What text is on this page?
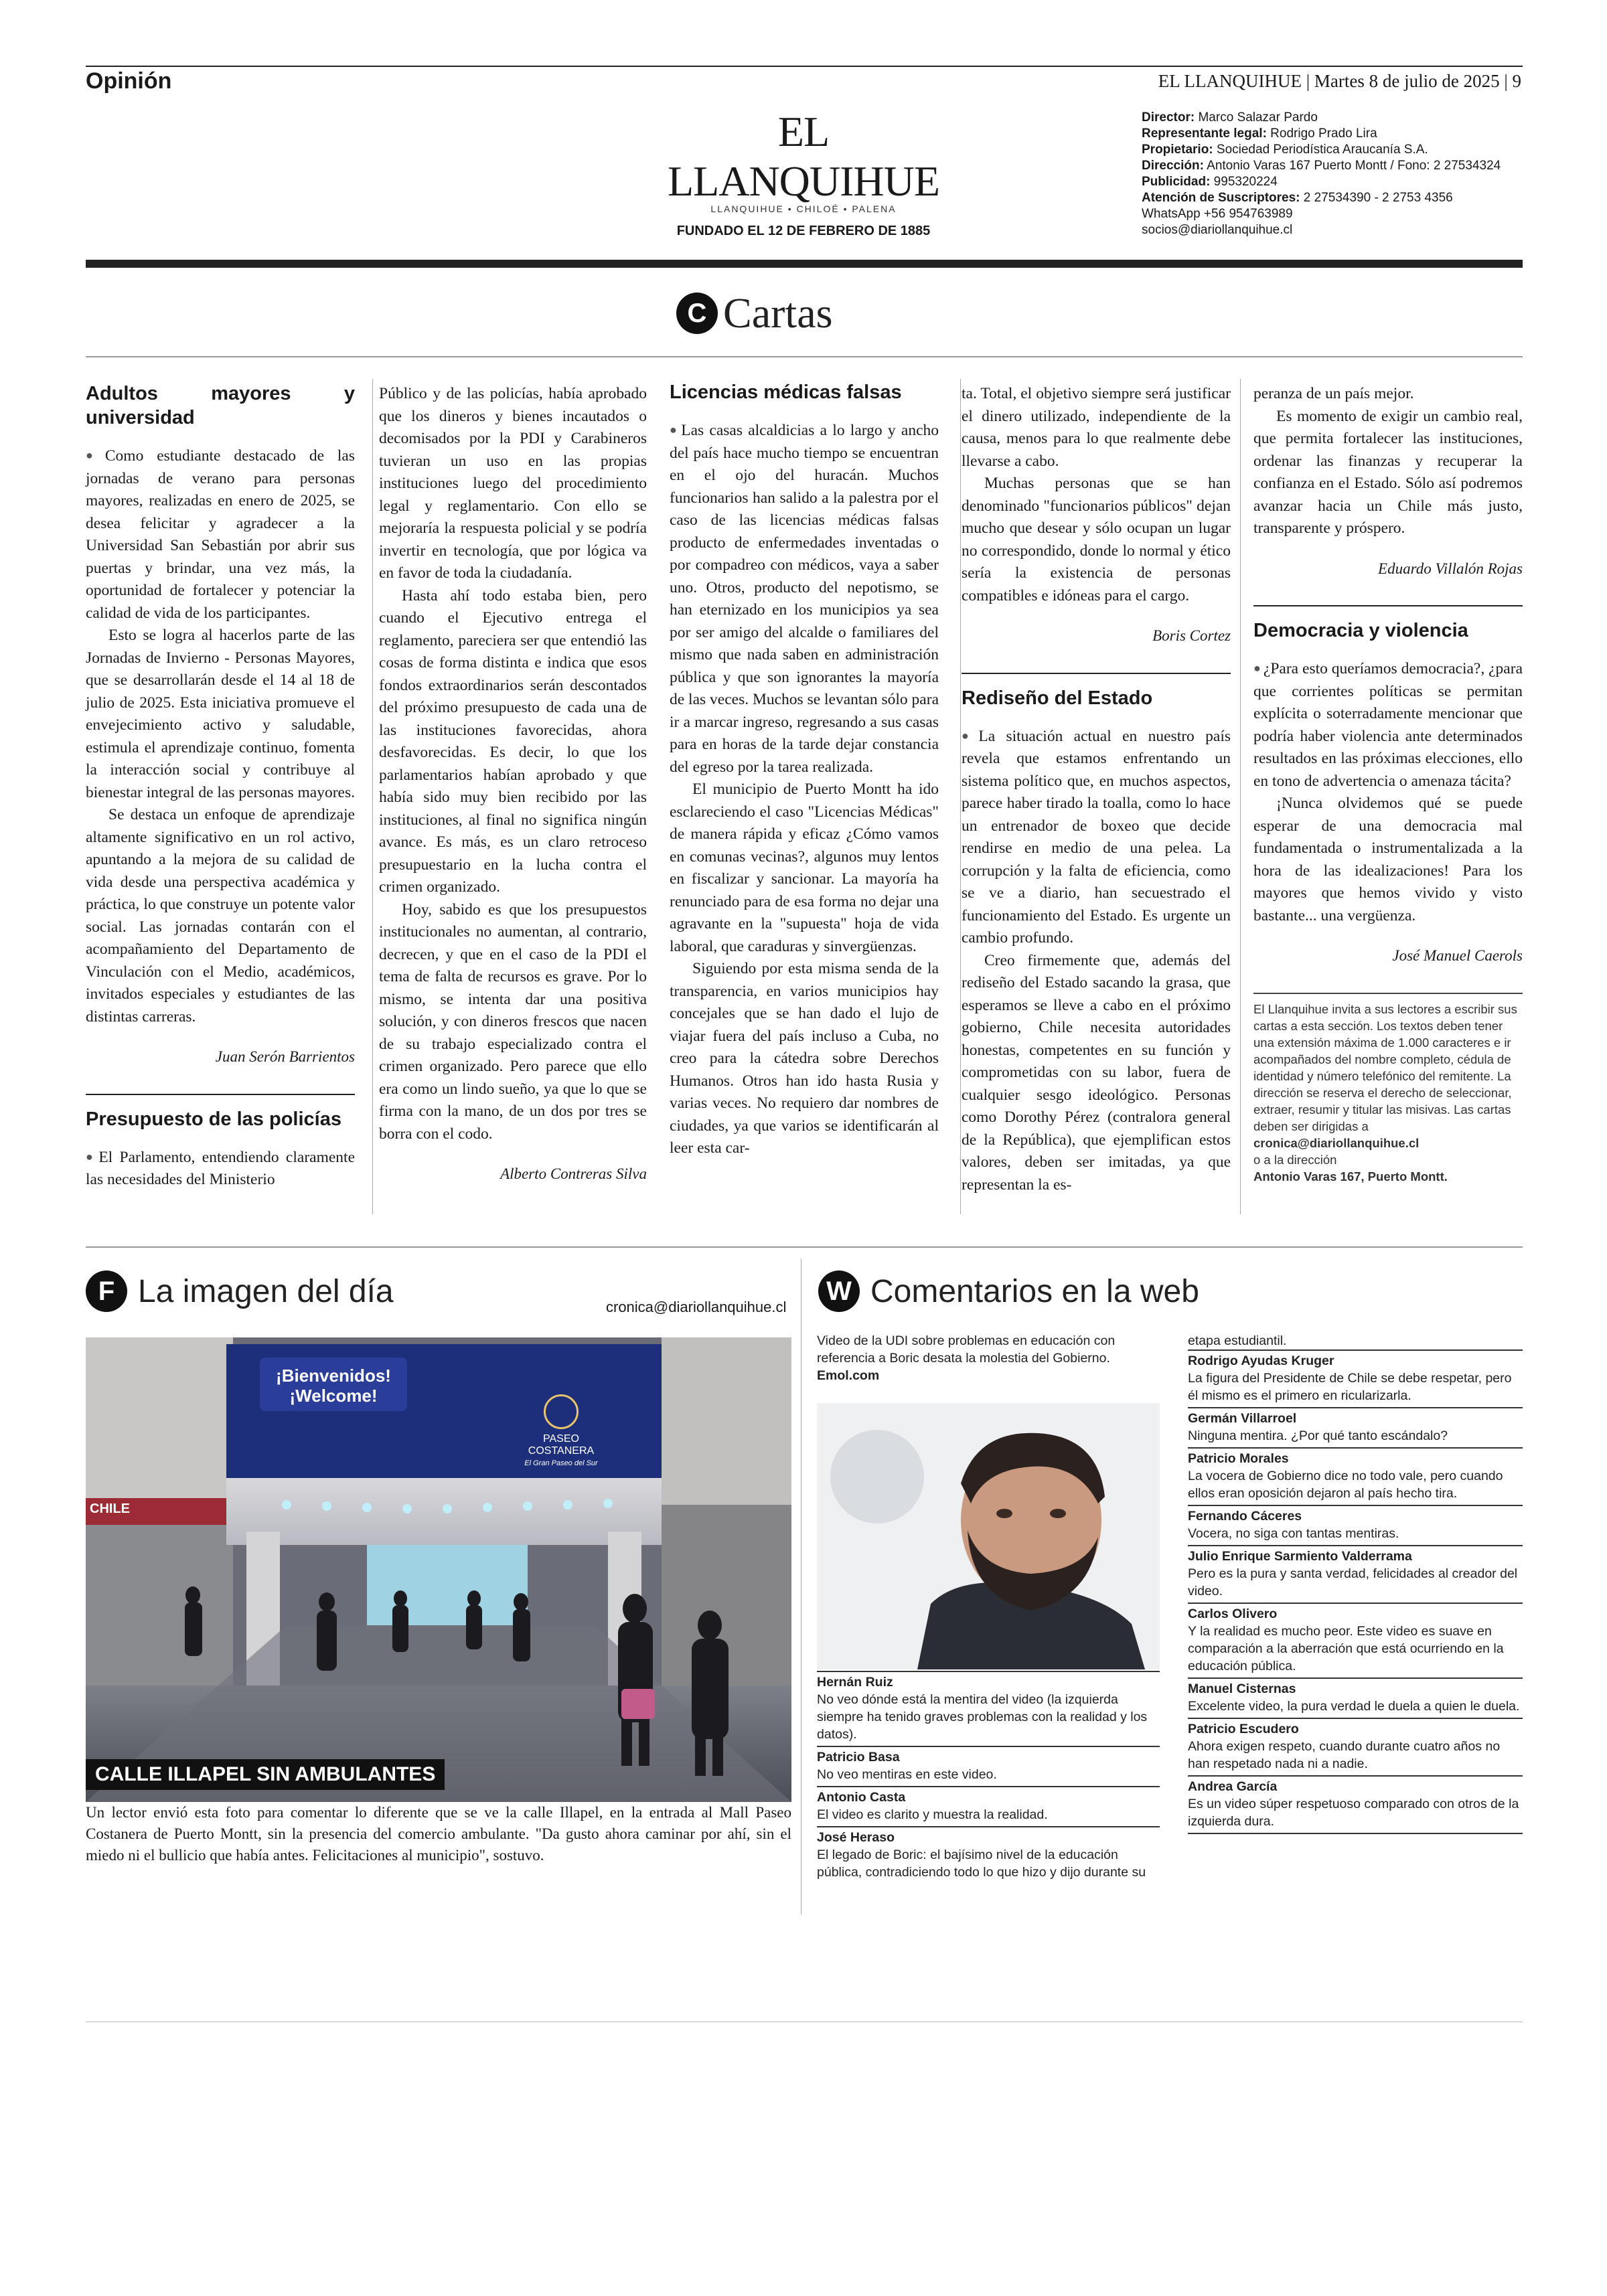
Opinión	EL LLANQUIHUE | Martes 8 de julio de 2025 | 9
EL LLANQUIHUE
LLANQUIHUE • CHILOÉ • PALENA
FUNDADO EL 12 DE FEBRERO DE 1885
Director: Marco Salazar Pardo
Representante legal: Rodrigo Prado Lira
Propietario: Sociedad Periodística Araucanía S.A.
Dirección: Antonio Varas 167 Puerto Montt / Fono: 2 27534324
Publicidad: 995320224
Atención de Suscriptores: 2 27534390 - 2 2753 4356
WhatsApp +56 954763989
socios@diariollanquihue.cl
C Cartas
Adultos mayores y universidad

● Como estudiante destacado de las jornadas de verano para personas mayores, realizadas en enero de 2025, se desea felicitar y agradecer a la Universidad San Sebastián por abrir sus puertas y brindar, una vez más, la oportunidad de fortalecer y potenciar la calidad de vida de los participantes.

Esto se logra al hacerlos parte de las Jornadas de Invierno - Personas Mayores, que se desarrollarán desde el 14 al 18 de julio de 2025. Esta iniciativa promueve el envejecimiento activo y saludable, estimula el aprendizaje continuo, fomenta la interacción social y contribuye al bienestar integral de las personas mayores.

Se destaca un enfoque de aprendizaje altamente significativo en un rol activo, apuntando a la mejora de su calidad de vida desde una perspectiva académica y práctica, lo que construye un potente valor social. Las jornadas contarán con el acompañamiento del Departamento de Vinculación con el Medio, académicos, invitados especiales y estudiantes de las distintas carreras.

Juan Serón Barrientos
Presupuesto de las policías

● El Parlamento, entendiendo claramente las necesidades del Ministerio

Público y de las policías, había aprobado que los dineros y bienes incautados o decomisados por la PDI y Carabineros tuvieran un uso en las propias instituciones luego del procedimiento legal y reglamentario. Con ello se mejoraría la respuesta policial y se podría invertir en tecnología, que por lógica va en favor de toda la ciudadanía.

Hasta ahí todo estaba bien, pero cuando el Ejecutivo entrega el reglamento, pareciera ser que entendió las cosas de forma distinta e indica que esos fondos extraordinarios serán descontados del próximo presupuesto de cada una de las instituciones favorecidas, ahora desfavorecidas. Es decir, lo que los parlamentarios habían aprobado y que había sido muy bien recibido por las instituciones, al final no significa ningún avance. Es más, es un claro retroceso presupuestario en la lucha contra el crimen organizado.

Hoy, sabido es que los presupuestos institucionales no aumentan, al contrario, decrecen, y que en el caso de la PDI el tema de falta de recursos es grave. Por lo mismo, se intenta dar una positiva solución, y con dineros frescos que nacen de su trabajo especializado contra el crimen organizado. Pero parece que ello era como un lindo sueño, ya que lo que se firma con la mano, de un dos por tres se borra con el codo.

Alberto Contreras Silva
Licencias médicas falsas

● Las casas alcaldicias a lo largo y ancho del país hace mucho tiempo se encuentran en el ojo del huracán. Muchos funcionarios han salido a la palestra por el caso de las licencias médicas falsas producto de enfermedades inventadas o por compadreo con médicos, vaya a saber uno. Otros, producto del nepotismo, se han eternizado en los municipios ya sea por ser amigo del alcalde o familiares del mismo que nada saben en administración pública y que son ignorantes la mayoría de las veces. Muchos se levantan sólo para ir a marcar ingreso, regresando a sus casas para en horas de la tarde dejar constancia del egreso por la tarea realizada.

El municipio de Puerto Montt ha ido esclareciendo el caso "Licencias Médicas" de manera rápida y eficaz ¿Cómo vamos en comunas vecinas?, algunos muy lentos en fiscalizar y sancionar. La mayoría ha renunciado para de esa forma no dejar una agravante en la "supuesta" hoja de vida laboral, que caraduras y sinvergüenzas.

Siguiendo por esta misma senda de la transparencia, en varios municipios hay concejales que se han dado el lujo de viajar fuera del país incluso a Cuba, no creo para la cátedra sobre Derechos Humanos. Otros han ido hasta Rusia y varias veces. No requiero dar nombres de ciudades, ya que varios se identificarán al leer esta car-

ta. Total, el objetivo siempre será justificar el dinero utilizado, independiente de la causa, menos para lo que realmente debe llevarse a cabo.

Muchas personas que se han denominado "funcionarios públicos" dejan mucho que desear y sólo ocupan un lugar no correspondido, donde lo normal y ético sería la existencia de personas compatibles e idóneas para el cargo.

Boris Cortez
Rediseño del Estado

● La situación actual en nuestro país revela que estamos enfrentando un sistema político que, en muchos aspectos, parece haber tirado la toalla, como lo hace un entrenador de boxeo que decide rendirse en medio de una pelea. La corrupción y la falta de eficiencia, como se ve a diario, han secuestrado el funcionamiento del Estado. Es urgente un cambio profundo.

Creo firmemente que, además del rediseño del Estado sacando la grasa, que esperamos se lleve a cabo en el próximo gobierno, Chile necesita autoridades honestas, competentes en su función y comprometidas con su labor, fuera de cualquier sesgo ideológico. Personas como Dorothy Pérez (contralora general de la República), que ejemplifican estos valores, deben ser imitadas, ya que representan la es-

peranza de un país mejor.

Es momento de exigir un cambio real, que permita fortalecer las instituciones, ordenar las finanzas y recuperar la confianza en el Estado. Sólo así podremos avanzar hacia un Chile más justo, transparente y próspero.

Eduardo Villalón Rojas
Democracia y violencia

● ¿Para esto queríamos democracia?, ¿para que corrientes políticas se permitan explícita o soterradamente mencionar que podría haber violencia ante determinados resultados en las próximas elecciones, ello en tono de advertencia o amenaza tácita?

¡Nunca olvidemos qué se puede esperar de una democracia mal fundamentada o instrumentalizada a la hora de las idealizaciones! Para los mayores que hemos vivido y visto bastante... una vergüenza.

José Manuel Caerols
El Llanquihue invita a sus lectores a escribir sus cartas a esta sección. Los textos deben tener una extensión máxima de 1.000 caracteres e ir acompañados del nombre completo, cédula de identidad y número telefónico del remitente. La dirección se reserva el derecho de seleccionar, extraer, resumir y titular las misivas. Las cartas deben ser dirigidas a
cronica@diariollanquihue.cl
o a la dirección
Antonio Varas 167, Puerto Montt.
F La imagen del día	cronica@diariollanquihue.cl
¡Bienvenidos!
¡Welcome!
PASEO
COSTANERA
El Gran Paseo del Sur
CHILE
CALLE ILLAPEL SIN AMBULANTES
Un lector envió esta foto para comentar lo diferente que se ve la calle Illapel, en la entrada al Mall Paseo Costanera de Puerto Montt, sin la presencia del comercio ambulante. "Da gusto ahora caminar por ahí, sin el miedo ni el bullicio que había antes. Felicitaciones al municipio", sostuvo.
W Comentarios en la web
Video de la UDI sobre problemas en educación con referencia a Boric desata la molestia del Gobierno. Emol.com
Hernán Ruiz
No veo dónde está la mentira del video (la izquierda siempre ha tenido graves problemas con la realidad y los datos).
Patricio Basa
No veo mentiras en este video.
Antonio Casta
El video es clarito y muestra la realidad.
José Heraso
El legado de Boric: el bajísimo nivel de la educación pública, contradiciendo todo lo que hizo y dijo durante su
etapa estudiantil.
Rodrigo Ayudas Kruger
La figura del Presidente de Chile se debe respetar, pero él mismo es el primero en ricularizarla.
Germán Villarroel
Ninguna mentira. ¿Por qué tanto escándalo?
Patricio Morales
La vocera de Gobierno dice no todo vale, pero cuando ellos eran oposición dejaron al país hecho tira.
Fernando Cáceres
Vocera, no siga con tantas mentiras.
Julio Enrique Sarmiento Valderrama
Pero es la pura y santa verdad, felicidades al creador del video.
Carlos Olivero
Y la realidad es mucho peor. Este video es suave en comparación a la aberración que está ocurriendo en la educación pública.
Manuel Cisternas
Excelente video, la pura verdad le duela a quien le duela.
Patricio Escudero
Ahora exigen respeto, cuando durante cuatro años no han respetado nada ni a nadie.
Andrea García
Es un video súper respetuoso comparado con otros de la izquierda dura.
